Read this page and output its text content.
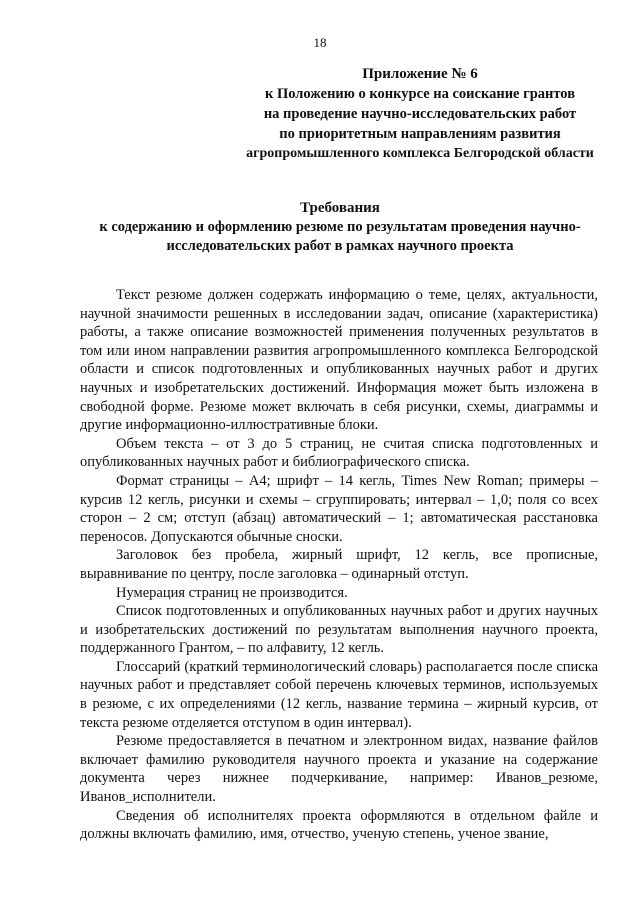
18
Приложение № 6
к Положению о конкурсе на соискание грантов
на проведение научно-исследовательских работ
по приоритетным направлениям развития
агропромышленного комплекса Белгородской области
Требования
к содержанию и оформлению резюме по результатам проведения научно-
исследовательских работ в рамках научного проекта

Текст резюме должен содержать информацию о теме, целях, актуальности, научной значимости решенных в исследовании задач, описание (характеристика) работы, а также описание возможностей применения полученных результатов в том или ином направлении развития агропромышленного комплекса Белгородской области и список подготовленных и опубликованных научных работ и других научных и изобретательских достижений. Информация может быть изложена в свободной форме. Резюме может включать в себя рисунки, схемы, диаграммы и другие информационно-иллюстративные блоки.

Объем текста – от 3 до 5 страниц, не считая списка подготовленных и опубликованных научных работ и библиографического списка.

Формат страницы – А4; шрифт – 14 кегль, Times New Roman; примеры – курсив 12 кегль, рисунки и схемы – сгруппировать; интервал – 1,0; поля со всех сторон – 2 см; отступ (абзац) автоматический – 1; автоматическая расстановка переносов. Допускаются обычные сноски.

Заголовок без пробела, жирный шрифт, 12 кегль, все прописные, выравнивание по центру, после заголовка – одинарный отступ.

Нумерация страниц не производится.

Список подготовленных и опубликованных научных работ и других научных и изобретательских достижений по результатам выполнения научного проекта, поддержанного Грантом, – по алфавиту, 12 кегль.

Глоссарий (краткий терминологический словарь) располагается после списка научных работ и представляет собой перечень ключевых терминов, используемых в резюме, с их определениями (12 кегль, название термина – жирный курсив, от текста резюме отделяется отступом в один интервал).

Резюме предоставляется в печатном и электронном видах, название файлов включает фамилию руководителя научного проекта и указание на содержание документа через нижнее подчеркивание, например: Иванов_резюме, Иванов_исполнители.

Сведения об исполнителях проекта оформляются в отдельном файле и должны включать фамилию, имя, отчество, ученую степень, ученое звание,
